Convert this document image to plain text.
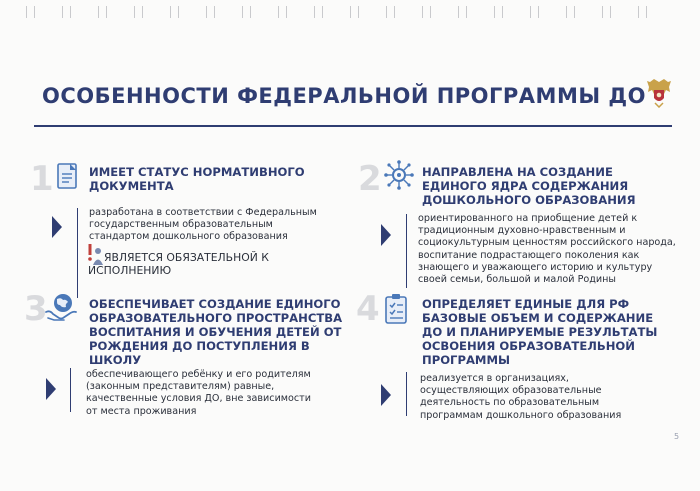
ОСОБЕННОСТИ ФЕДЕРАЛЬНОЙ ПРОГРАММЫ ДО
1	ИМЕЕТ СТАТУС НОРМАТИВНОГО
ДОКУМЕНТА
разработана в соответствии с Федеральным
государственным образовательным
стандартом дошкольного образования
ЯВЛЯЕТСЯ ОБЯЗАТЕЛЬНОЙ К
ИСПОЛНЕНИЮ
2	НАПРАВЛЕНА НА СОЗДАНИЕ
ЕДИНОГО ЯДРА СОДЕРЖАНИЯ
ДОШКОЛЬНОГО ОБРАЗОВАНИЯ
ориентированного на приобщение детей к
традиционным духовно-нравственным и
социокультурным ценностям российского народа,
воспитание подрастающего поколения как
знающего и уважающего историю и культуру
своей семьи, большой и малой Родины
3	ОБЕСПЕЧИВАЕТ СОЗДАНИЕ ЕДИНОГО
ОБРАЗОВАТЕЛЬНОГО ПРОСТРАНСТВА
ВОСПИТАНИЯ И ОБУЧЕНИЯ ДЕТЕЙ ОТ
РОЖДЕНИЯ ДО ПОСТУПЛЕНИЯ В
ШКОЛУ
обеспечивающего ребёнку и его родителям
(законным представителям) равные,
качественные условия ДО, вне зависимости
от места проживания
4	ОПРЕДЕЛЯЕТ ЕДИНЫЕ ДЛЯ РФ
БАЗОВЫЕ ОБЪЕМ И СОДЕРЖАНИЕ
ДО И ПЛАНИРУЕМЫЕ РЕЗУЛЬТАТЫ
ОСВОЕНИЯ ОБРАЗОВАТЕЛЬНОЙ
ПРОГРАММЫ
реализуется в организациях,
осуществляющих образовательные
деятельность по образовательным
программам дошкольного образования
5
